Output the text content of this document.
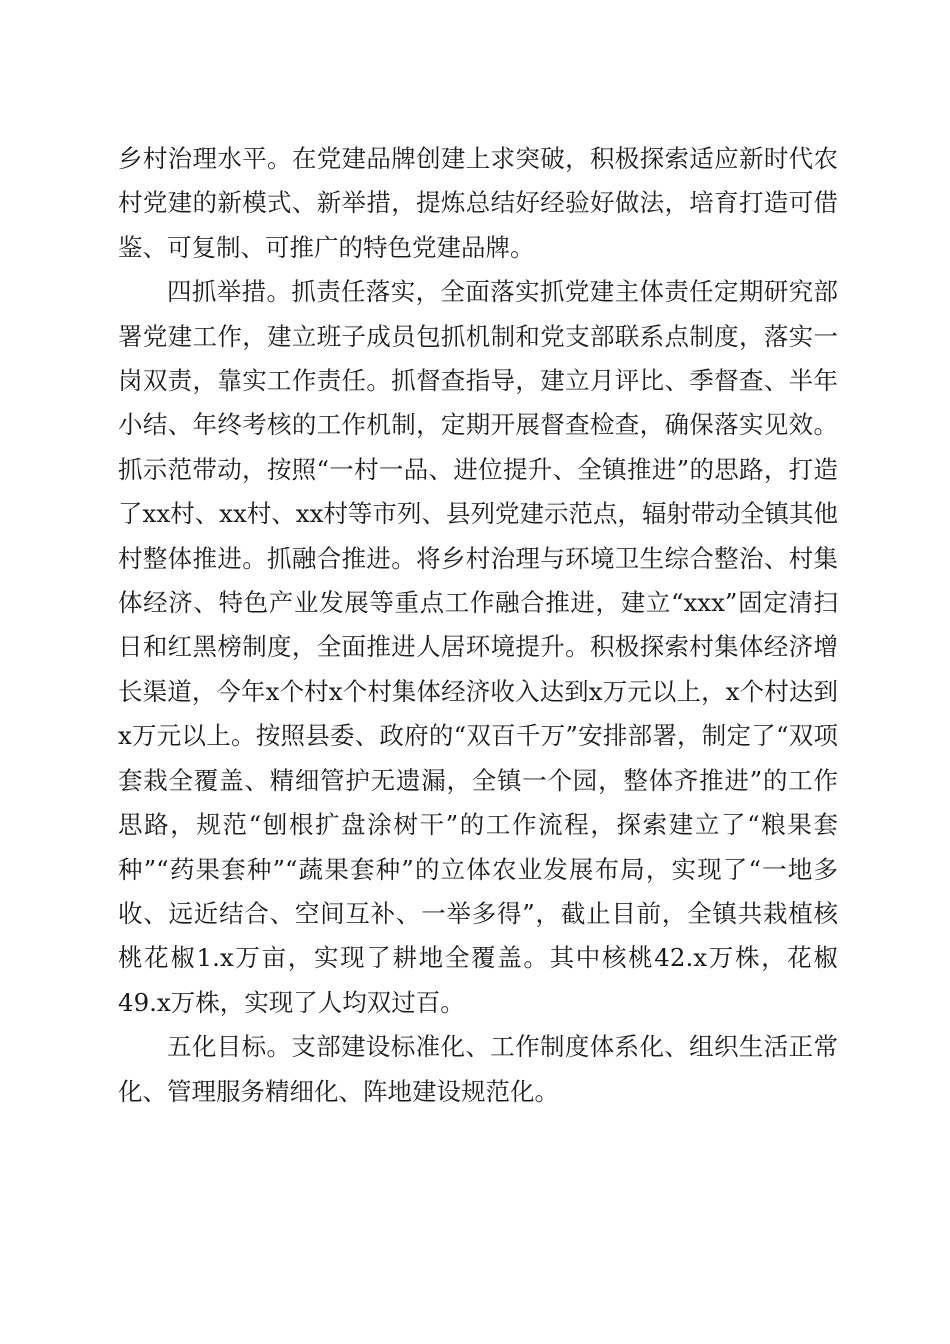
乡村治理水平。在党建品牌创建上求突破，积极探索适应新时代农村党建的新模式、新举措，提炼总结好经验好做法，培育打造可借鉴、可复制、可推广的特色党建品牌。

四抓举措。抓责任落实，全面落实抓党建主体责任定期研究部署党建工作，建立班子成员包抓机制和党支部联系点制度，落实一岗双责，靠实工作责任。抓督查指导，建立月评比、季督查、半年小结、年终考核的工作机制，定期开展督查检查，确保落实见效。抓示范带动，按照“一村一品、进位提升、全镇推进”的思路，打造了xx村、xx村、xx村等市列、县列党建示范点，辐射带动全镇其他村整体推进。抓融合推进。将乡村治理与环境卫生综合整治、村集体经济、特色产业发展等重点工作融合推进，建立“xxx”固定清扫日和红黑榜制度，全面推进人居环境提升。积极探索村集体经济增长渠道，今年x个村x个村集体经济收入达到x万元以上，x个村达到x万元以上。按照县委、政府的“双百千万”安排部署，制定了“双项套栽全覆盖、精细管护无遗漏，全镇一个园，整体齐推进”的工作思路，规范“刨根扩盘涂树干”的工作流程，探索建立了“粮果套种”“药果套种”“蔬果套种”的立体农业发展布局，实现了“一地多收、远近结合、空间互补、一举多得”，截止目前，全镇共栽植核桃花椒1.x万亩，实现了耕地全覆盖。其中核桃42.x万株，花椒49.x万株，实现了人均双过百。

五化目标。支部建设标准化、工作制度体系化、组织生活正常化、管理服务精细化、阵地建设规范化。
